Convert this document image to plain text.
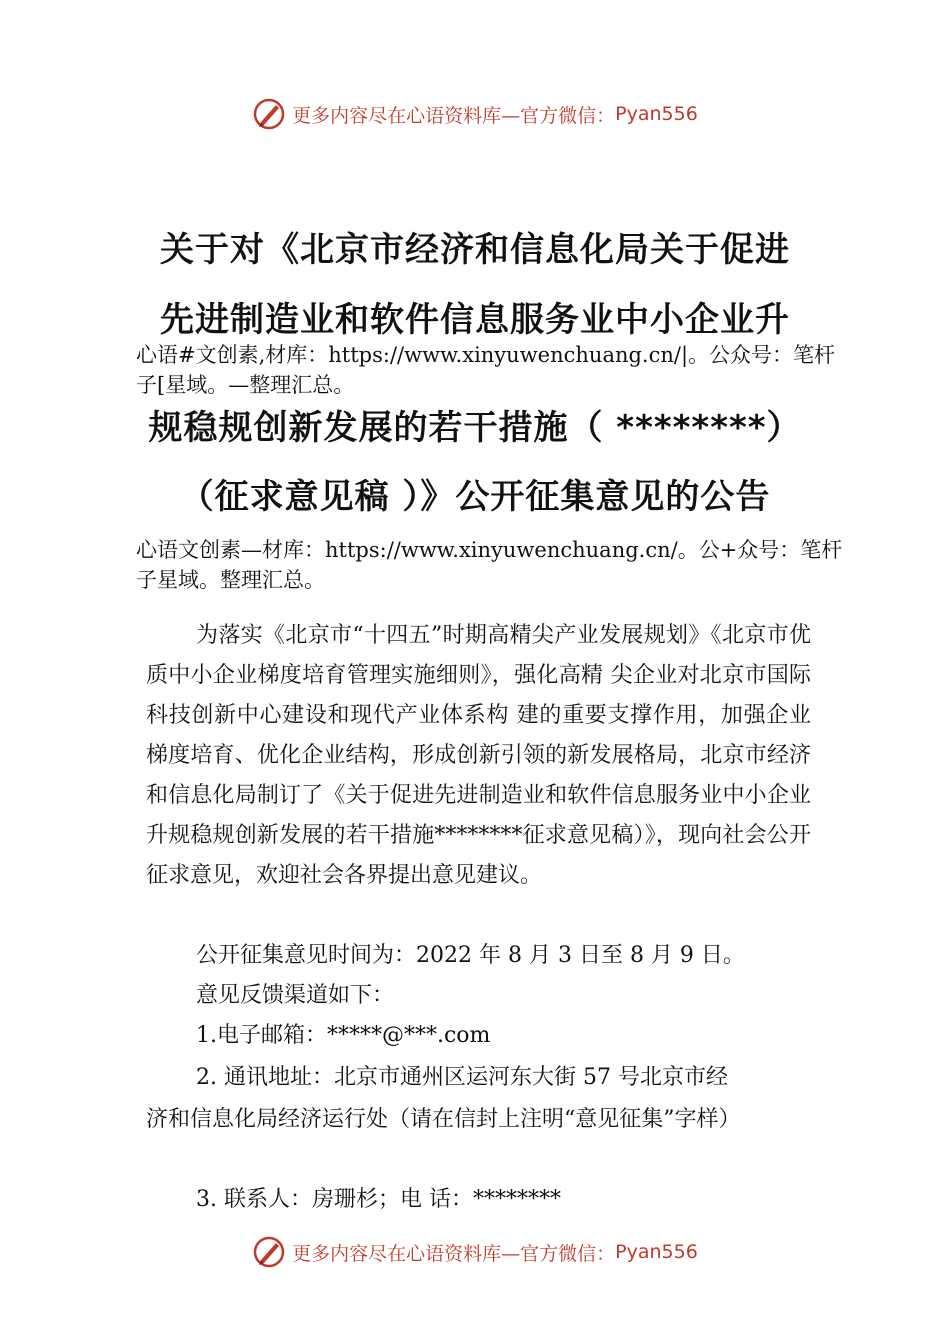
更多内容尽在心语资料库—官方微信： Pyan556
关于对《北京市经济和信息化局关于促进
先进制造业和软件信息服务业中小企业升
心语#文创素,材库：https://www.xinyuwenchuang.cn/|。公众号：笔杆子[星域。—整理汇总。
规稳规创新发展的若干措施（ ********）
（征求意见稿 ）》公开征集意见的公告
心语文创素—材库：https://www.xinyuwenchuang.cn/。公+众号：笔杆子星域。整理汇总。
为落实《北京市“十四五”时期高精尖产业发展规划》《北京市优质中小企业梯度培育管理实施细则》，强化高精 尖企业对北京市国际科技创新中心建设和现代产业体系构 建的重要支撑作用，加强企业梯度培育、优化企业结构，形成创新引领的新发展格局，北京市经济和信息化局制订了《关于促进先进制造业和软件信息服务业中小企业升规稳规创新发展的若干措施********征求意见稿）》，现向社会公开征求意见，欢迎社会各界提出意见建议。
公开征集意见时间为：2022 年 8 月 3 日至 8 月 9 日。
意见反馈渠道如下：
1.电子邮箱：*****@***.com
2. 通讯地址：北京市通州区运河东大街 57 号北京市经
济和信息化局经济运行处（请在信封上注明“意见征集”字样）
3. 联系人：房珊杉；电 话：********
更多内容尽在心语资料库—官方微信： Pyan556
